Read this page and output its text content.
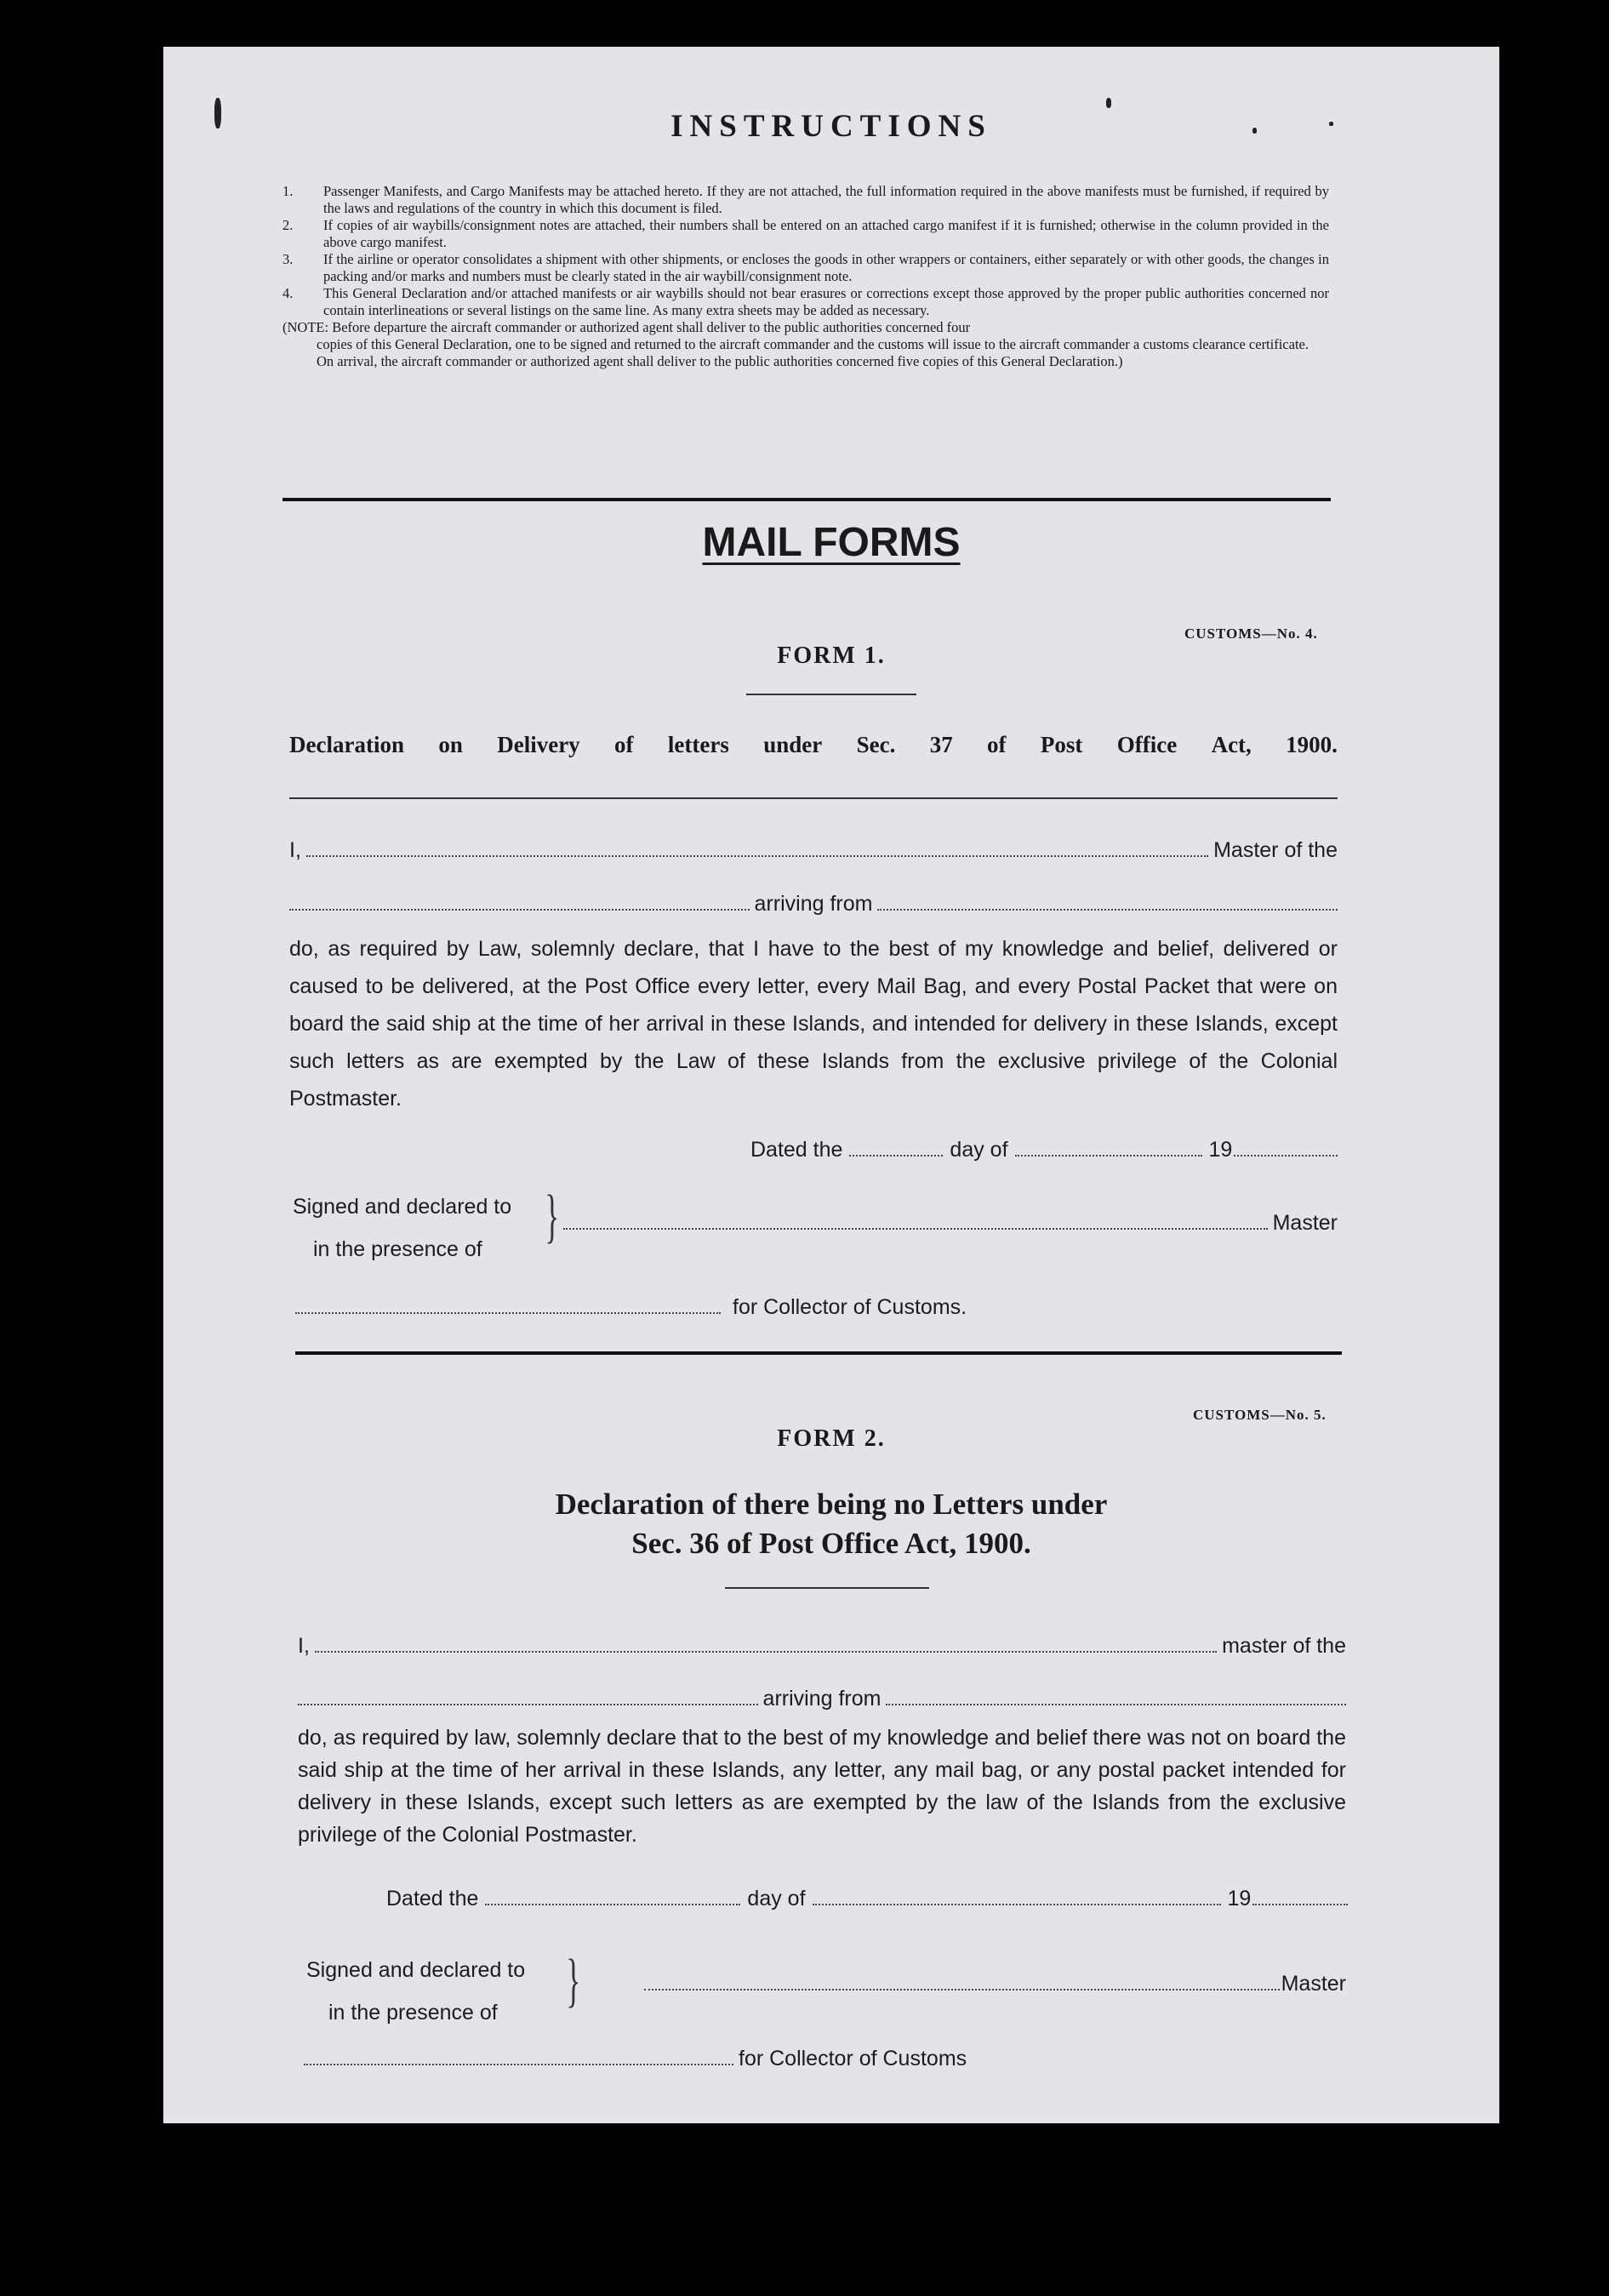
INSTRUCTIONS
1.	Passenger Manifests, and Cargo Manifests may be attached hereto. If they are not attached, the full information required in the above manifests must be furnished, if required by the laws and regulations of the country in which this document is filed.
2.	If copies of air waybills/consignment notes are attached, their numbers shall be entered on an attached cargo manifest if it is furnished; otherwise in the column provided in the above cargo manifest.
3.	If the airline or operator consolidates a shipment with other shipments, or encloses the goods in other wrappers or containers, either separately or with other goods, the changes in packing and/or marks and numbers must be clearly stated in the air waybill/consignment note.
4.	This General Declaration and/or attached manifests or air waybills should not bear erasures or corrections except those approved by the proper public authorities concerned nor contain interlineations or several listings on the same line. As many extra sheets may be added as necessary.
(NOTE: Before departure the aircraft commander or authorized agent shall deliver to the public authorities concerned four
copies of this General Declaration, one to be signed and returned to the aircraft commander and the customs will issue to the aircraft commander a customs clearance certificate.
On arrival, the aircraft commander or authorized agent shall deliver to the public authorities concerned five copies of this General Declaration.)
MAIL FORMS
CUSTOMS—No. 4.
FORM 1.
Declaration on Delivery of letters under Sec. 37 of Post Office Act, 1900.
I,	Master of the
arriving from
do, as required by Law, solemnly declare, that I have to the best of my knowledge and belief, delivered or caused to be delivered, at the Post Office every letter, every Mail Bag, and every Postal Packet that were on board the said ship at the time of her arrival in these Islands, and intended for delivery in these Islands, except such letters as are exempted by the Law of these Islands from the exclusive privilege of the Colonial Postmaster.
Dated the	day of	19
Signed and declared to
in the presence of	}	Master
for Collector of Customs.
CUSTOMS—No. 5.
FORM 2.
Declaration of there being no Letters under
Sec. 36 of Post Office Act, 1900.
I,	master of the
arriving from
do, as required by law, solemnly declare that to the best of my knowledge and belief there was not on board the said ship at the time of her arrival in these Islands, any letter, any mail bag, or any postal packet intended for delivery in these Islands, except such letters as are exempted by the law of the Islands from the exclusive privilege of the Colonial Postmaster.
Dated the	day of	19
Signed and declared to
in the presence of	}	Master
for Collector of Customs
